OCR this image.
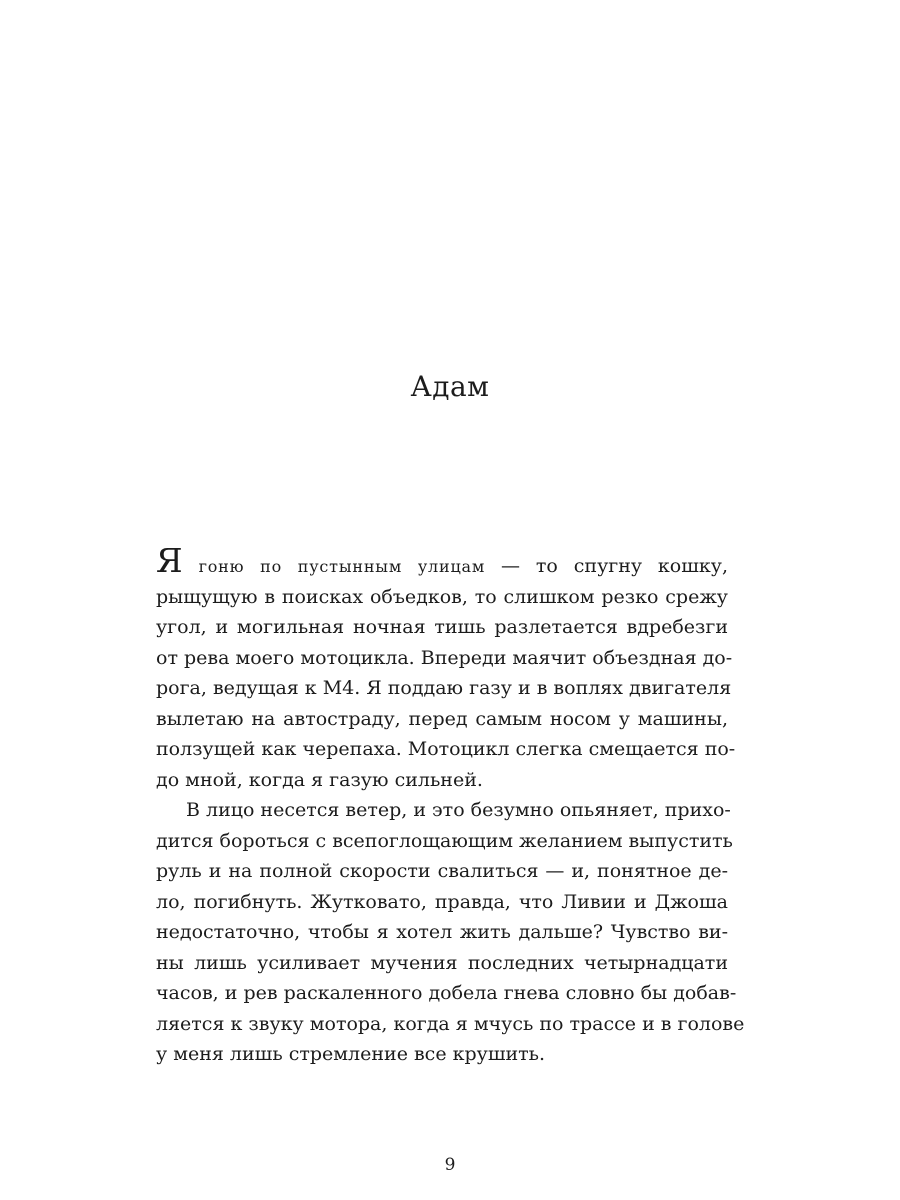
Адам
Я гоню по пустынным улицам — то спугну кошку,
рыщущую в поисках объедков, то слишком резко срежу
угол, и могильная ночная тишь разлетается вдребезги
от рева моего мотоцикла. Впереди маячит объездная до-
рога, ведущая к М4. Я поддаю газу и в воплях двигателя
вылетаю на автостраду, перед самым носом у машины,
ползущей как черепаха. Мотоцикл слегка смещается по-
до мной, когда я газую сильней.
В лицо несется ветер, и это безумно опьяняет, прихо-
дится бороться с всепоглощающим желанием выпустить
руль и на полной скорости свалиться — и, понятное де-
ло, погибнуть. Жутковато, правда, что Ливии и Джоша
недостаточно, чтобы я хотел жить дальше? Чувство ви-
ны лишь усиливает мучения последних четырнадцати
часов, и рев раскаленного добела гнева словно бы добав-
ляется к звуку мотора, когда я мчусь по трассе и в голове
у меня лишь стремление все крушить.
9
